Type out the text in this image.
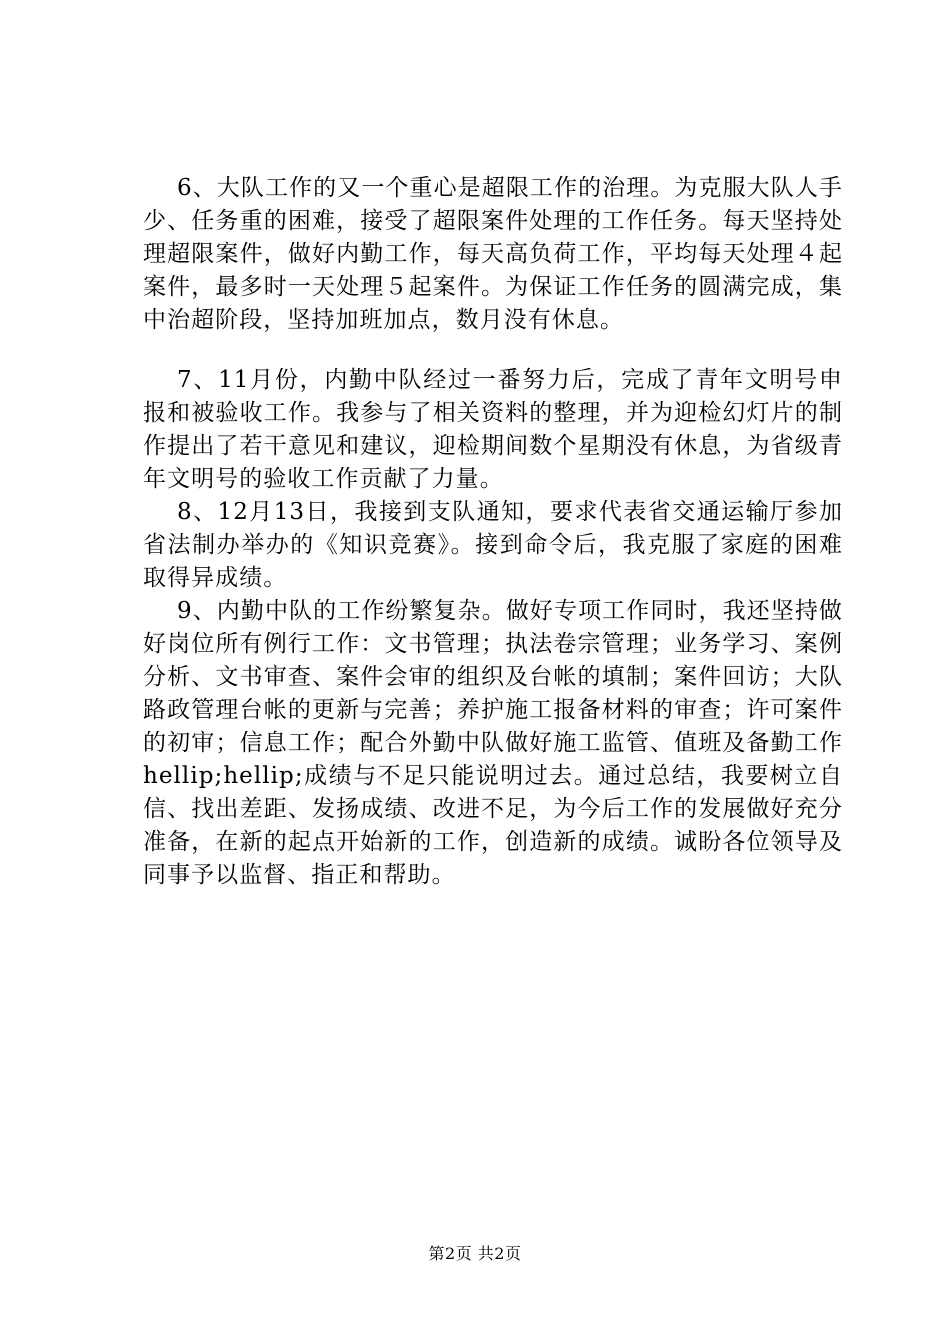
6、大队工作的又一个重心是超限工作的治理。为克服大队人手少、任务重的困难，接受了超限案件处理的工作任务。每天坚持处理超限案件，做好内勤工作，每天高负荷工作，平均每天处理４起案件，最多时一天处理５起案件。为保证工作任务的圆满完成，集中治超阶段，坚持加班加点，数月没有休息。

7、11月份，内勤中队经过一番努力后，完成了青年文明号申报和被验收工作。我参与了相关资料的整理，并为迎检幻灯片的制作提出了若干意见和建议，迎检期间数个星期没有休息，为省级青年文明号的验收工作贡献了力量。

8、12月13日，我接到支队通知，要求代表省交通运输厅参加省法制办举办的《知识竞赛》。接到命令后，我克服了家庭的困难取得异成绩。

9、内勤中队的工作纷繁复杂。做好专项工作同时，我还坚持做好岗位所有例行工作：文书管理；执法卷宗管理；业务学习、案例分析、文书审查、案件会审的组织及台帐的填制；案件回访；大队路政管理台帐的更新与完善；养护施工报备材料的审查；许可案件的初审；信息工作；配合外勤中队做好施工监管、值班及备勤工作hellip;hellip;成绩与不足只能说明过去。通过总结，我要树立自信、找出差距、发扬成绩、改进不足，为今后工作的发展做好充分准备，在新的起点开始新的工作，创造新的成绩。诚盼各位领导及同事予以监督、指正和帮助。

第2页 共2页
